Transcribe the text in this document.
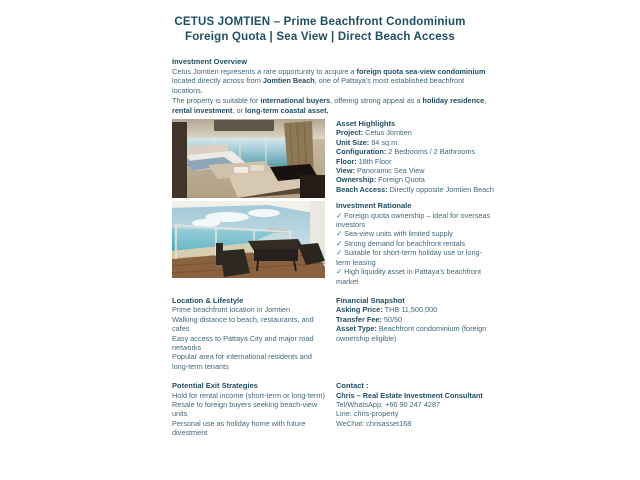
CETUS JOMTIEN – Prime Beachfront Condominium
Foreign Quota | Sea View | Direct Beach Access
Investment Overview

Cetus Jomtien represents a rare opportunity to acquire a foreign quota sea-view condominium located directly across from Jomtien Beach, one of Pattaya's most established beachfront locations.

The property is suitable for international buyers, offering strong appeal as a holiday residence, rental investment, or long-term coastal asset.

Asset Highlights
Project: Cetus Jomtien
Unit Size: 84 sq.m.
Configuration: 2 Bedrooms / 2 Bathrooms
Floor: 18th Floor
View: Panoramic Sea View
Ownership: Foreign Quota
Beach Access: Directly opposite Jomtien Beach
Investment Rationale
✓ Foreign quota ownership – ideal for overseas investors
✓ Sea-view units with limited supply
✓ Strong demand for beachfront rentals
✓ Suitable for short-term holiday use or long-term leasing
✓ High liquidity asset in Pattaya's beachfront market
Location & Lifestyle
Prime beachfront location in Jomtien
Walking distance to beach, restaurants, and cafes
Easy access to Pattaya City and major road networks
Popular area for international residents and long-term tenants
Financial Snapshot
Asking Price: THB 11,500,000
Transfer Fee: 50/50
Asset Type: Beachfront condominium (foreign ownership eligible)
Potential Exit Strategies
Hold for rental income (short-term or long-term)
Resale to foreign buyers seeking beach-view units
Personal use as holiday home with future divestment
Contact :
Chris – Real Estate Investment Consultant
Tel/WhatsApp: +66 90 247 4287
Line: chris-property
WeChat: chrisasset168
